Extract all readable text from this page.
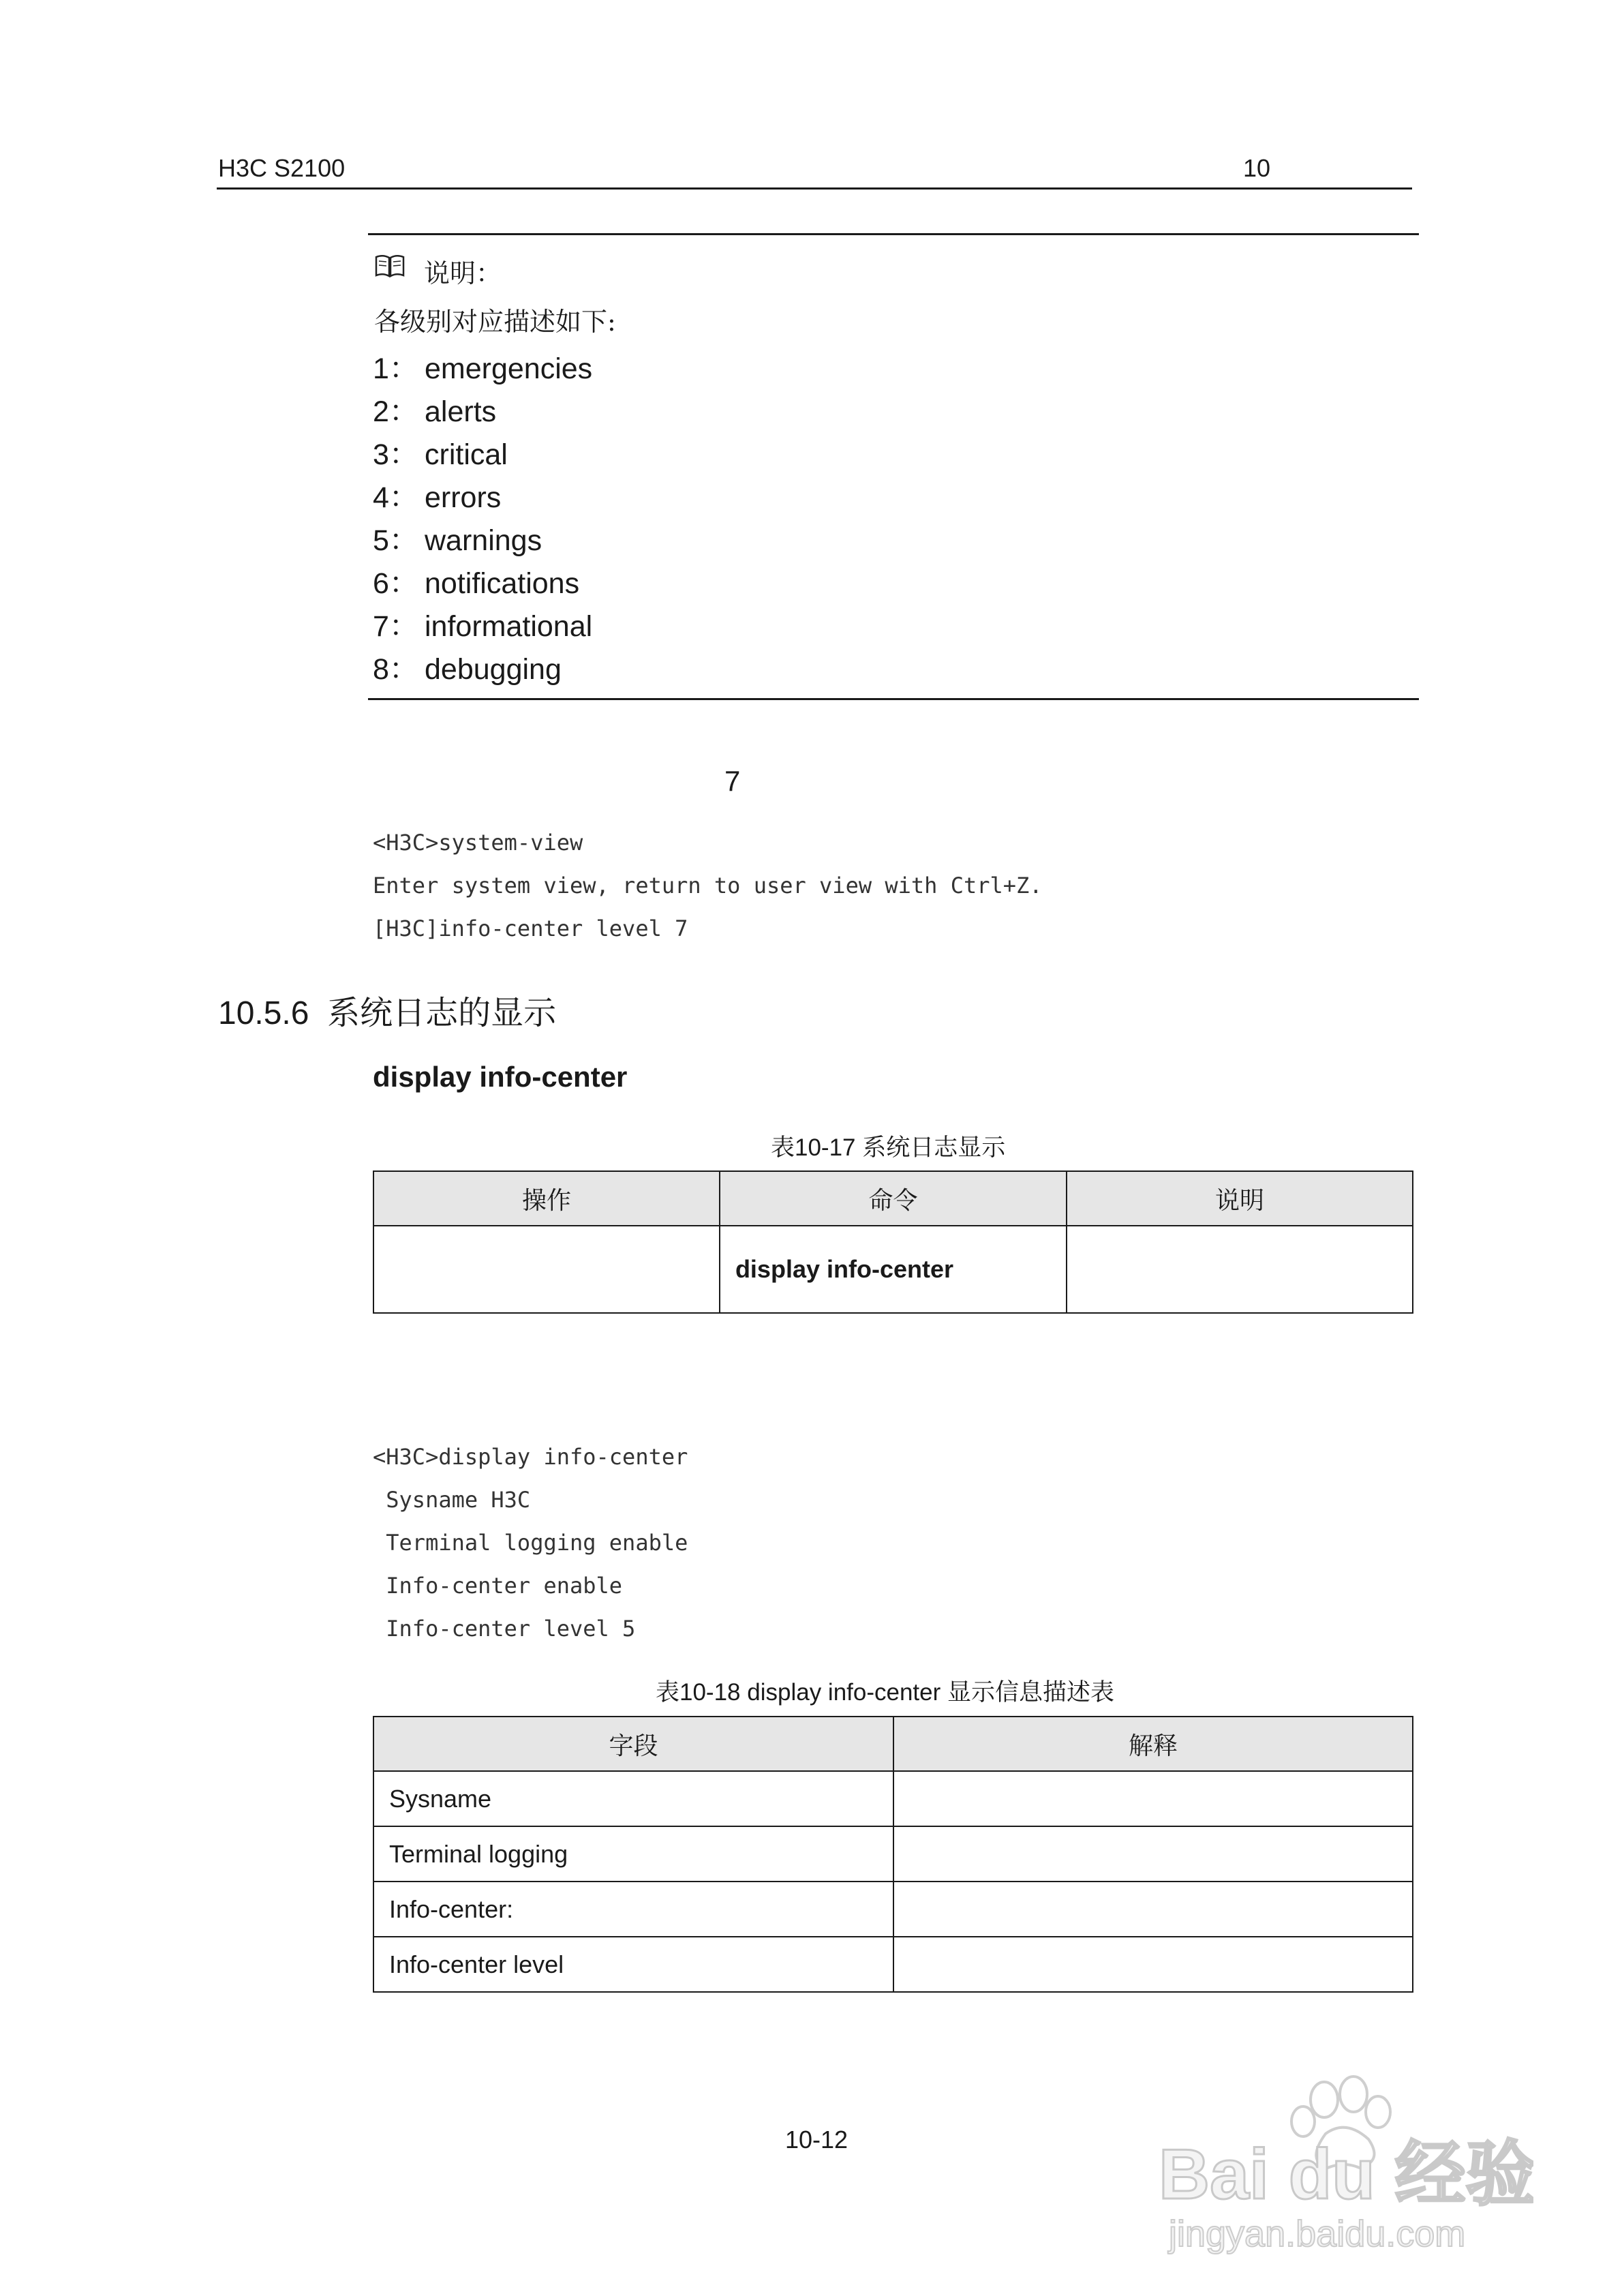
H3C S2100	10
说明：
各级别对应描述如下:
1： emergencies
2： alerts
3： critical
4： errors
5： warnings
6： notifications
7： informational
8： debugging
7
<H3C>system-view
Enter system view, return to user view with Ctrl+Z.
[H3C]info-center level 7
10.5.6 系统日志的显示
display info-center
表10-17 系统日志显示
操作	命令	说明
	display info-center	
<H3C>display info-center
Sysname H3C
Terminal logging enable
Info-center enable
Info-center level 5
表10-18 display info-center 显示信息描述表
字段	解释
Sysname	
Terminal logging	
Info-center:	
Info-center level	
10-12	Bai du 经验
jingyan.baidu.com
